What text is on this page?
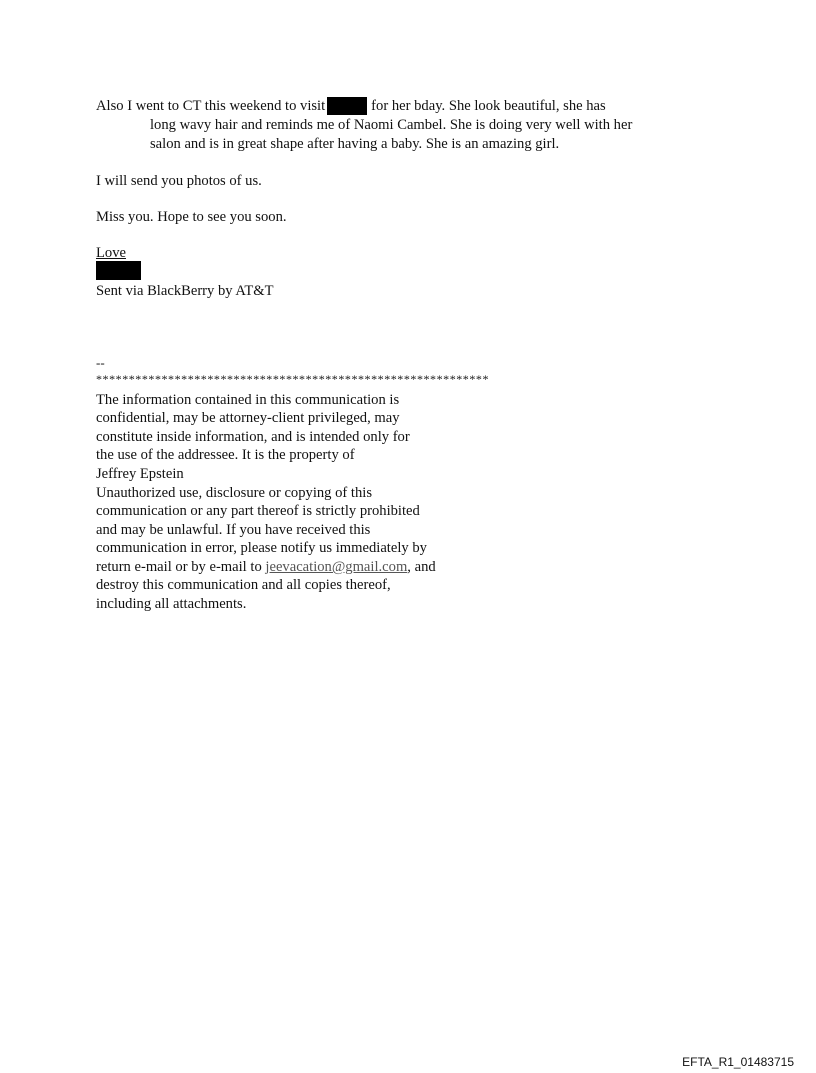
Also I went to CT this weekend to visit	for her bday. She look beautiful, she has
long wavy hair and reminds me of Naomi Cambel. She is doing very well with her
salon and is in great shape after having a baby. She is an amazing girl.
I will send you photos of us.
Miss you. Hope to see you soon.
Love
Sent via BlackBerry by AT&T
--
************************************************************
The information contained in this communication is
confidential, may be attorney-client privileged, may
constitute inside information, and is intended only for
the use of the addressee. It is the property of
Jeffrey Epstein
Unauthorized use, disclosure or copying of this
communication or any part thereof is strictly prohibited
and may be unlawful. If you have received this
communication in error, please notify us immediately by
return e-mail or by e-mail to jeevacation@gmail.com, and
destroy this communication and all copies thereof,
including all attachments.
EFTA_R1_01483715
